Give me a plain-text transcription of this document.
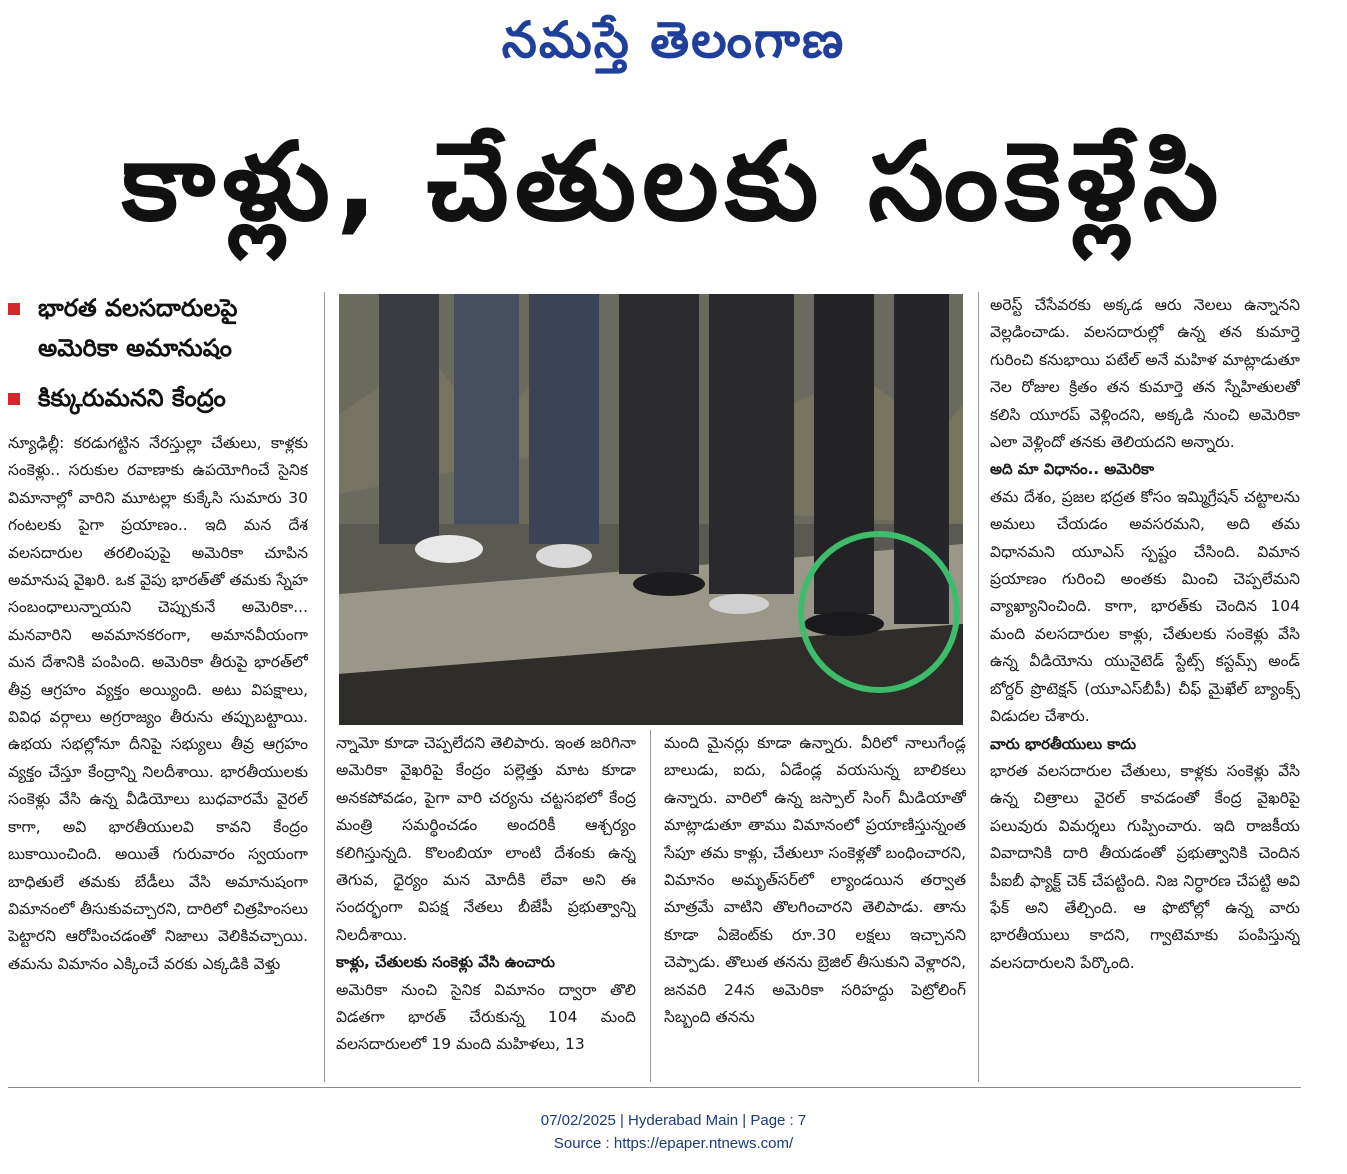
నమస్తే తెలంగాణ
కాళ్లు, చేతులకు సంకెళ్లేసి
భారత వలసదారులపై
అమెరికా అమానుషం
కిక్కురుమనని కేంద్రం

న్యూఢిల్లీ: కరడుగట్టిన నేరస్తుల్లా చేతులు, కాళ్లకు సంకెళ్లు.. సరుకుల రవాణాకు ఉపయోగించే సైనిక విమానాల్లో వారిని మూటల్లా కుక్కేసి సుమారు 30 గంటలకు పైగా ప్రయాణం.. ఇది మన దేశ వలసదారుల తరలింపుపై అమెరికా చూపిన అమానుష వైఖరి. ఒక వైపు భారత్‌తో తమకు స్నేహ సంబంధాలున్నాయని చెప్పుకునే అమెరికా... మనవారిని అవమానకరంగా, అమానవీయంగా మన దేశానికి పంపింది. అమెరికా తీరుపై భారత్‌లో తీవ్ర ఆగ్రహం వ్యక్తం అయ్యింది. అటు విపక్షాలు, వివిధ వర్గాలు అగ్రరాజ్యం తీరును తప్పుబట్టాయి. ఉభయ సభల్లోనూ దీనిపై సభ్యులు తీవ్ర ఆగ్రహం వ్యక్తం చేస్తూ కేంద్రాన్ని నిలదీశాయి. భారతీయులకు సంకెళ్లు వేసి ఉన్న వీడియోలు బుధవారమే వైరల్ కాగా, అవి భారతీయులవి కావని కేంద్రం బుకాయించింది. అయితే గురువారం స్వయంగా బాధితులే తమకు బేడీలు వేసి అమానుషంగా విమానంలో తీసుకువచ్చారని, దారిలో చిత్రహింసలు పెట్టారని ఆరోపించడంతో నిజాలు వెలికివచ్చాయి. తమను విమానం ఎక్కించే వరకు ఎక్కడికి వెళ్తు

న్నామో కూడా చెప్పలేదని తెలిపారు. ఇంత జరిగినా అమెరికా వైఖరిపై కేంద్రం పల్లెత్తు మాట కూడా అనకపోవడం, పైగా వారి చర్యను చట్టసభలో కేంద్ర మంత్రి సమర్థించడం అందరికీ ఆశ్చర్యం కలిగిస్తున్నది. కొలంబియా లాంటి దేశంకు ఉన్న తెగువ, ధైర్యం మన మోదీకి లేవా అని ఈ సందర్భంగా విపక్ష నేతలు బీజేపీ ప్రభుత్వాన్ని నిలదీశాయి.

కాళ్లు, చేతులకు సంకెళ్లు వేసి ఉంచారు

అమెరికా నుంచి సైనిక విమానం ద్వారా తొలి విడతగా భారత్ చేరుకున్న 104 మంది వలసదారులలో 19 మంది మహిళలు, 13

మంది మైనర్లు కూడా ఉన్నారు. వీరిలో నాలుగేండ్ల బాలుడు, ఐదు, ఏడేండ్ల వయసున్న బాలికలు ఉన్నారు. వారిలో ఉన్న జస్పాల్ సింగ్ మీడియాతో మాట్లాడుతూ తాము విమానంలో ప్రయాణిస్తున్నంత సేపూ తమ కాళ్లు, చేతులూ సంకెళ్లతో బంధించారని, విమానం అమృత్‌సర్‌లో ల్యాండయిన తర్వాత మాత్రమే వాటిని తొలగించారని తెలిపాడు. తాను కూడా ఏజెంట్‌కు రూ.30 లక్షలు ఇచ్చానని చెప్పాడు. తొలుత తనను బ్రెజిల్ తీసుకుని వెళ్లారని, జనవరి 24న అమెరికా సరిహద్దు పెట్రోలింగ్ సిబ్బంది తనను

అరెస్ట్ చేసేవరకు అక్కడ ఆరు నెలలు ఉన్నానని వెల్లడించాడు. వలసదారుల్లో ఉన్న తన కుమార్తె గురించి కనుభాయి పటేల్ అనే మహిళ మాట్లాడుతూ నెల రోజుల క్రితం తన కుమార్తె తన స్నేహితులతో కలిసి యూరప్ వెళ్లిందని, అక్కడి నుంచి అమెరికా ఎలా వెళ్లిందో తనకు తెలియదని అన్నారు.

అది మా విధానం.. అమెరికా

తమ దేశం, ప్రజల భద్రత కోసం ఇమ్మిగ్రేషన్ చట్టాలను అమలు చేయడం అవసరమని, అది తమ విధానమని యూఎస్ స్పష్టం చేసింది. విమాన ప్రయాణం గురించి అంతకు మించి చెప్పలేమని వ్యాఖ్యానించింది. కాగా, భారత్‌కు చెందిన 104 మంది వలసదారుల కాళ్లు, చేతులకు సంకెళ్లు వేసి ఉన్న వీడియోను యునైటెడ్ స్టేట్స్ కస్టమ్స్ అండ్ బోర్డర్ ప్రొటెక్షన్ (యూఎస్‌బీపీ) చీఫ్ మైఖేల్ బ్యాంక్స్ విడుదల చేశారు.

వారు భారతీయులు కాదు

భారత వలసదారుల చేతులు, కాళ్లకు సంకెళ్లు వేసి ఉన్న చిత్రాలు వైరల్ కావడంతో కేంద్ర వైఖరిపై పలువురు విమర్శలు గుప్పించారు. ఇది రాజకీయ వివాదానికి దారి తీయడంతో ప్రభుత్వానికి చెందిన పీఐబీ ఫ్యాక్ట్ చెక్ చేపట్టింది. నిజ నిర్ధారణ చేపట్టి అవి ఫేక్ అని తేల్చింది. ఆ ఫొటోల్లో ఉన్న వారు భారతీయులు కాదని, గ్వాటెమాకు పంపిస్తున్న వలసదారులని పేర్కొంది.

07/02/2025 | Hyderabad Main | Page : 7
Source : https://epaper.ntnews.com/
